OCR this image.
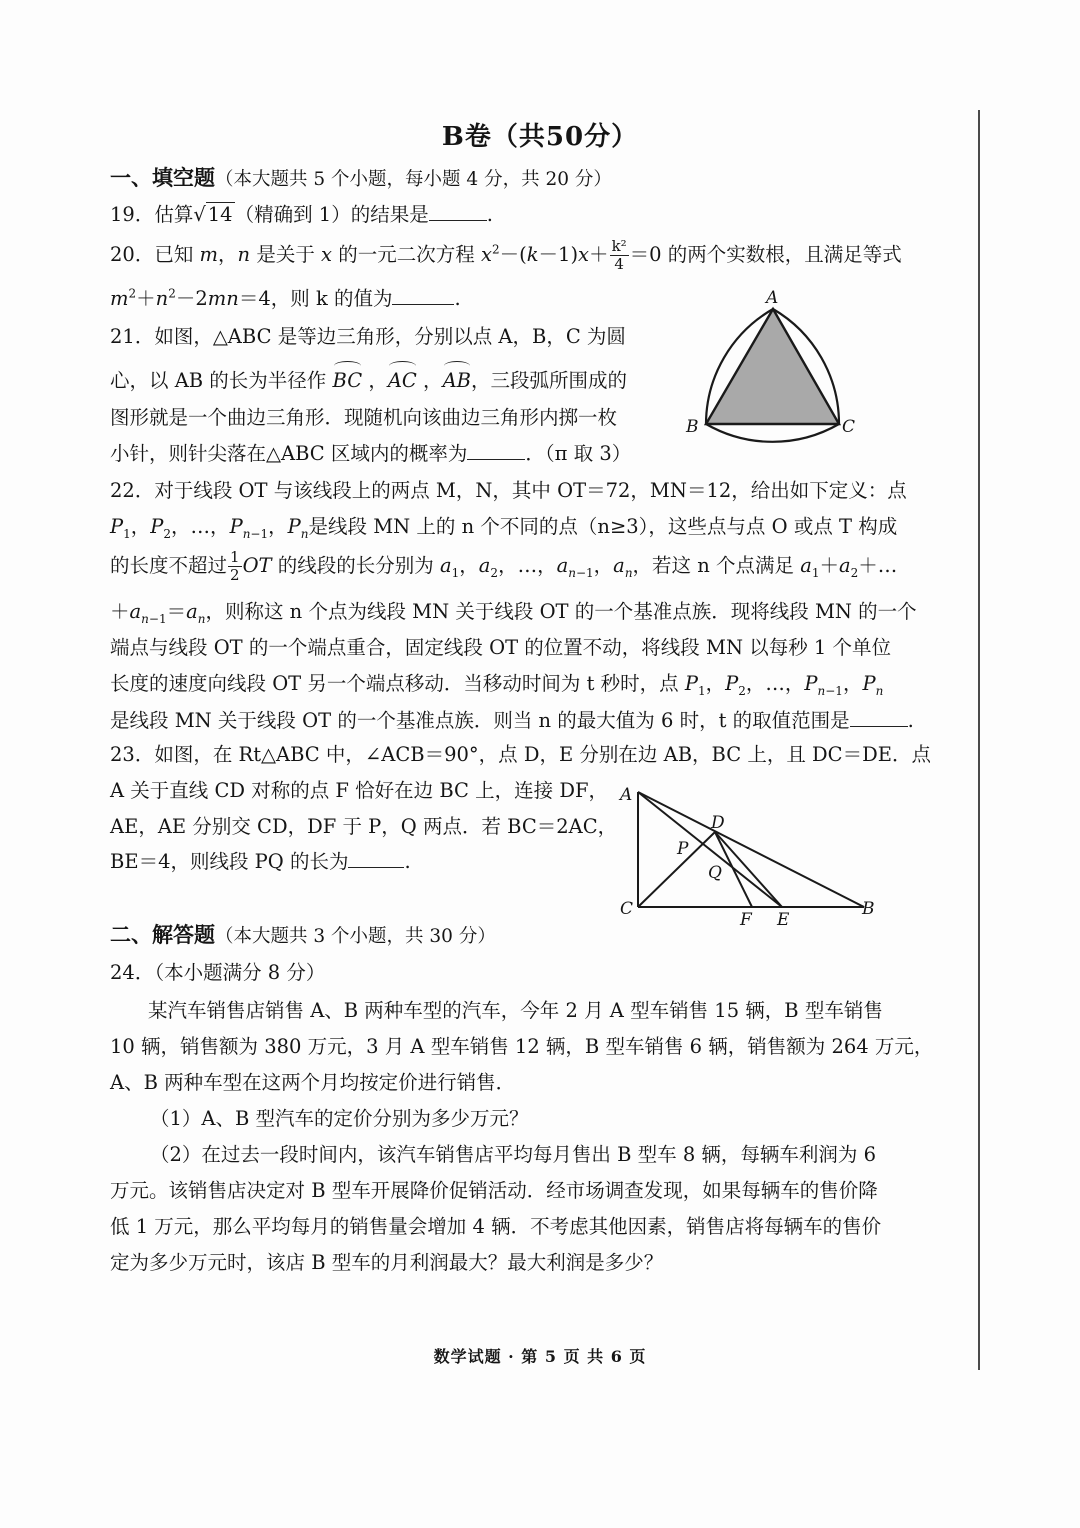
B卷（共50分）
一、填空题（本大题共 5 个小题，每小题 4 分，共 20 分）
19．估算√ 14 （精确到 1）的结果是	.
20．已知 m，n 是关于 x 的一元二次方程 $x^2-(k-1)x+ \frac{\text{k²}}{4} =0$ 的两个实数根，且满足等式
$m^2+n^2-2mn=4$，则 k 的值为	.
21．如图，△ABC 是等边三角形，分别以点 A，B，C 为圆
心，以 AB 的长为半径作 BC ，AC ，AB，三段弧所围成的
图形就是一个曲边三角形．现随机向该曲边三角形内掷一枚
小针，则针尖落在△ABC 区域内的概率为	．（π 取 3）
A
B	C
22．对于线段 OT 与该线段上的两点 M，N，其中 OT＝72，MN＝12，给出如下定义：点
$P_1$，$P_2$，…，$P_{n-1}$，$P_n$是线段 MN 上的 n 个不同的点（n≥3），这些点与点 O 或点 T 构成
的长度不超过 $\frac{1}{2}$ OT 的线段的长分别为 $a_1$，$a_2$，…，$a_{n-1}$，$a_n$，若这 n 个点满足 $a_1+a_2+\dots$
$+a_{n-1}=a_n$，则称这 n 个点为线段 MN 关于线段 OT 的一个基准点族．现将线段 MN 的一个
端点与线段 OT 的一个端点重合，固定线段 OT 的位置不动，将线段 MN 以每秒 1 个单位
长度的速度向线段 OT 另一个端点移动．当移动时间为 t 秒时，点 $P_1$，$P_2$，…，$P_{n-1}$，$P_n$
是线段 MN 关于线段 OT 的一个基准点族．则当 n 的最大值为 6 时，t 的取值范围是	.
23．如图，在 Rt△ABC 中，∠ACB＝90°，点 D，E 分别在边 AB，BC 上，且 DC＝DE．点
A 关于直线 CD 对称的点 F 恰好在边 BC 上，连接 DF，
AE，AE 分别交 CD，DF 于 P，Q 两点．若 BC＝2AC，
BE＝4，则线段 PQ 的长为	.
A
D
P
Q
C
F E
B
二、解答题（本大题共 3 个小题，共 30 分）
24．（本小题满分 8 分）
某汽车销售店销售 A、B 两种车型的汽车，今年 2 月 A 型车销售 15 辆，B 型车销售
10 辆，销售额为 380 万元，3 月 A 型车销售 12 辆，B 型车销售 6 辆，销售额为 264 万元，
A、B 两种车型在这两个月均按定价进行销售．
（1）A、B 型汽车的定价分别为多少万元？
（2）在过去一段时间内，该汽车销售店平均每月售出 B 型车 8 辆，每辆车利润为 6
万元。该销售店决定对 B 型车开展降价促销活动．经市场调查发现，如果每辆车的售价降
低 1 万元，那么平均每月的销售量会增加 4 辆．不考虑其他因素，销售店将每辆车的售价
定为多少万元时，该店 B 型车的月利润最大？最大利润是多少？
数学试题 · 第 5 页 共 6 页
